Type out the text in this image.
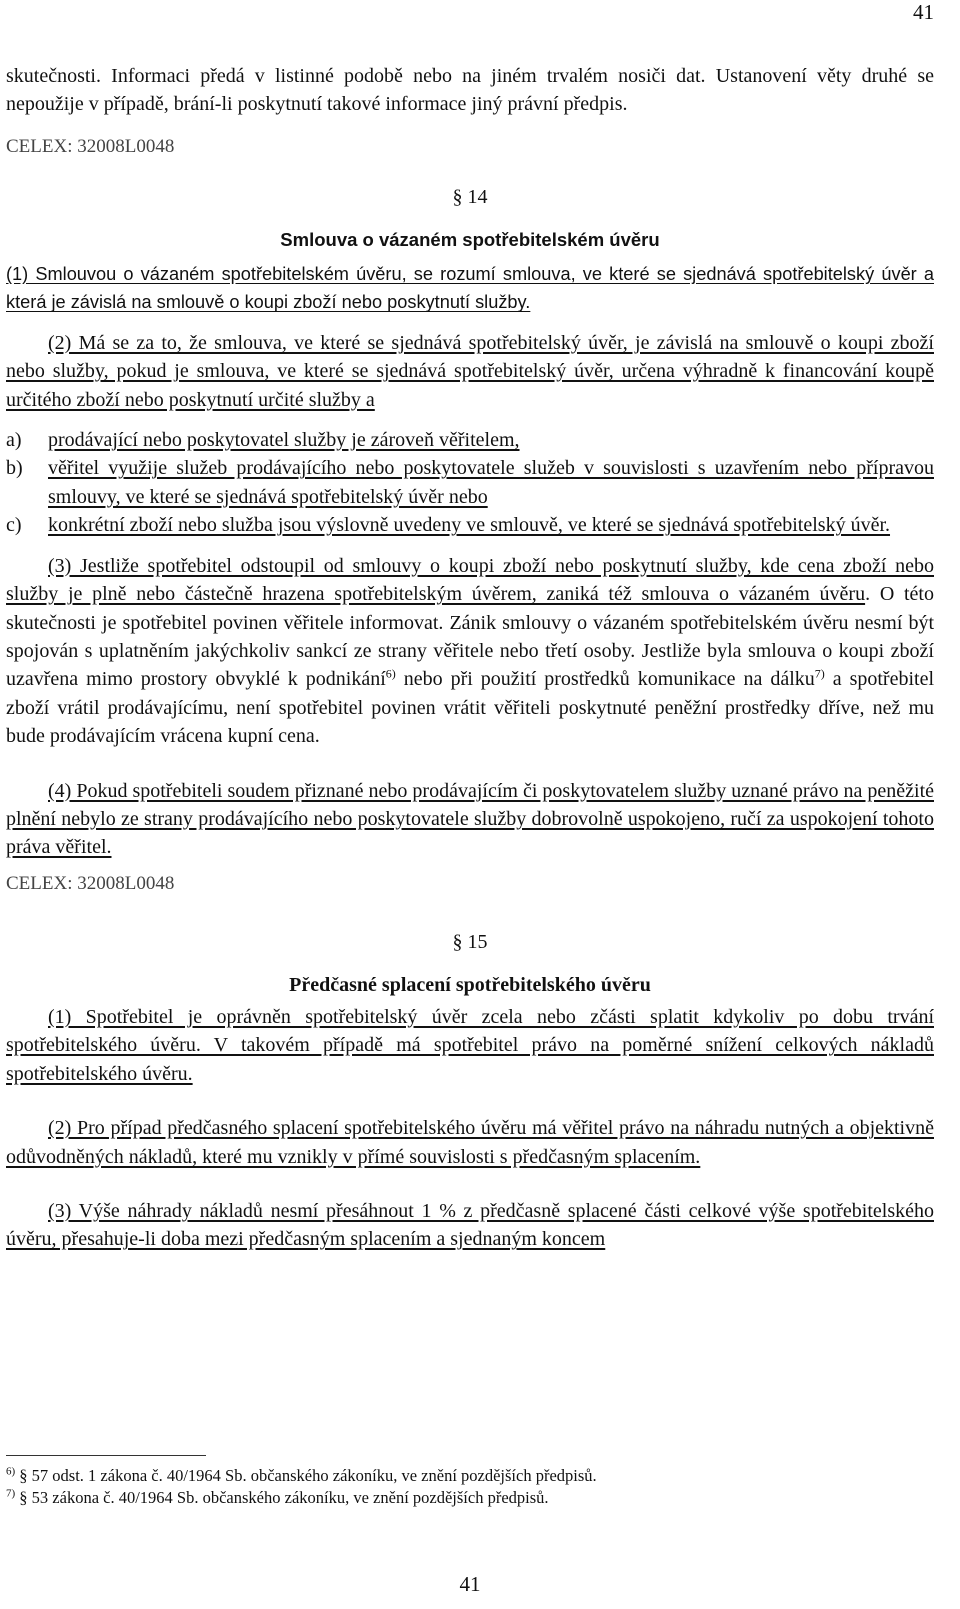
41

skutečnosti. Informaci předá v listinné podobě nebo na jiném trvalém nosiči dat. Ustanovení věty druhé se nepoužije v případě, brání-li poskytnutí takové informace jiný právní předpis.

CELEX: 32008L0048

§ 14

Smlouva o vázaném spotřebitelském úvěru

(1) Smlouvou o vázaném spotřebitelském úvěru, se rozumí smlouva, ve které se sjednává spotřebitelský úvěr a která je závislá na smlouvě o koupi zboží nebo poskytnutí služby.

(2) Má se za to, že smlouva, ve které se sjednává spotřebitelský úvěr, je závislá na smlouvě o koupi zboží nebo služby, pokud je smlouva, ve které se sjednává spotřebitelský úvěr, určena výhradně k financování koupě určitého zboží nebo poskytnutí určité služby a

a)	prodávající nebo poskytovatel služby je zároveň věřitelem,
b)	věřitel využije služeb prodávajícího nebo poskytovatele služeb v souvislosti s uzavřením nebo přípravou smlouvy, ve které se sjednává spotřebitelský úvěr nebo
c)	konkrétní zboží nebo služba jsou výslovně uvedeny ve smlouvě, ve které se sjednává spotřebitelský úvěr.

(3) Jestliže spotřebitel odstoupil od smlouvy o koupi zboží nebo poskytnutí služby, kde cena zboží nebo služby je plně nebo částečně hrazena spotřebitelským úvěrem, zaniká též smlouva o vázaném úvěru. O této skutečnosti je spotřebitel povinen věřitele informovat. Zánik smlouvy o vázaném spotřebitelském úvěru nesmí být spojován s uplatněním jakýchkoliv sankcí ze strany věřitele nebo třetí osoby. Jestliže byla smlouva o koupi zboží uzavřena mimo prostory obvyklé k podnikání$^{6)}$ nebo při použití prostředků komunikace na dálku$^{7)}$ a spotřebitel zboží vrátil prodávajícímu, není spotřebitel povinen vrátit věřiteli poskytnuté peněžní prostředky dříve, než mu bude prodávajícím vrácena kupní cena.

(4) Pokud spotřebiteli soudem přiznané nebo prodávajícím či poskytovatelem služby uznané právo na peněžité plnění nebylo ze strany prodávajícího nebo poskytovatele služby dobrovolně uspokojeno, ručí za uspokojení tohoto práva věřitel.

CELEX: 32008L0048

§ 15

Předčasné splacení spotřebitelského úvěru

(1) Spotřebitel je oprávněn spotřebitelský úvěr zcela nebo zčásti splatit kdykoliv po dobu trvání spotřebitelského úvěru. V takovém případě má spotřebitel právo na poměrné snížení celkových nákladů spotřebitelského úvěru.

(2) Pro případ předčasného splacení spotřebitelského úvěru má věřitel právo na náhradu nutných a objektivně odůvodněných nákladů, které mu vznikly v přímé souvislosti s předčasným splacením.

(3) Výše náhrady nákladů nesmí přesáhnout 1 % z předčasně splacené části celkové výše spotřebitelského úvěru, přesahuje-li doba mezi předčasným splacením a sjednaným koncem

$^{6)}$ § 57 odst. 1 zákona č. 40/1964 Sb. občanského zákoníku, ve znění pozdějších předpisů.
$^{7)}$ § 53 zákona č. 40/1964 Sb. občanského zákoníku, ve znění pozdějších předpisů.
41
